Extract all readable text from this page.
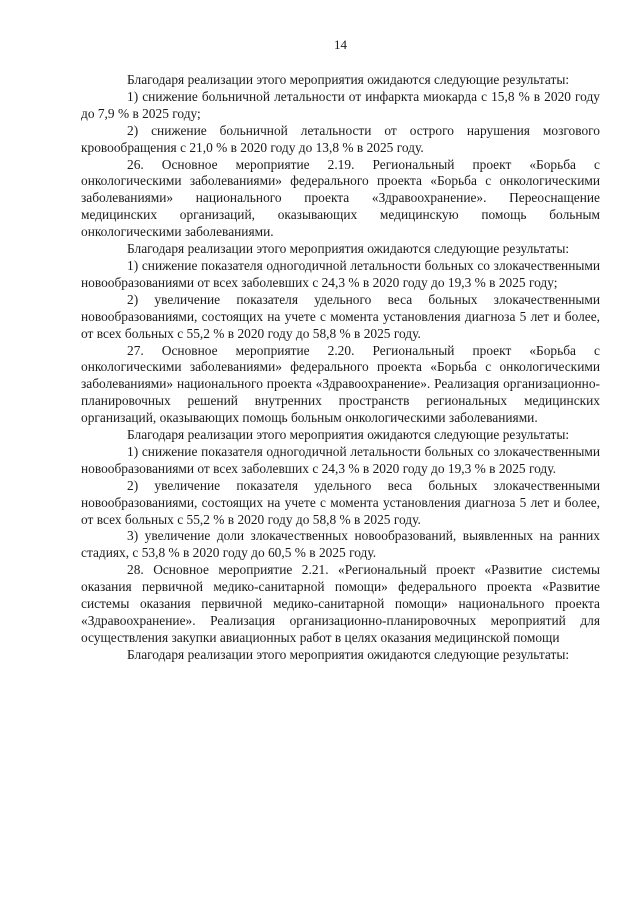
14

Благодаря реализации этого мероприятия ожидаются следующие результаты:

1) снижение больничной летальности от инфаркта миокарда с 15,8 % в 2020 году до 7,9 % в 2025 году;

2) снижение больничной летальности от острого нарушения мозгового кровообращения с 21,0 % в 2020 году до 13,8 % в 2025 году.

26. Основное мероприятие 2.19. Региональный проект «Борьба с онкологическими заболеваниями» федерального проекта «Борьба с онкологическими заболеваниями» национального проекта «Здравоохранение». Переоснащение медицинских организаций, оказывающих медицинскую помощь больным онкологическими заболеваниями.

Благодаря реализации этого мероприятия ожидаются следующие результаты:

1) снижение показателя одногодичной летальности больных со злокачественными новообразованиями от всех заболевших с 24,3 % в 2020 году до 19,3 % в 2025 году;

2) увеличение показателя удельного веса больных злокачественными новообразованиями, состоящих на учете с момента установления диагноза 5 лет и более, от всех больных с 55,2 % в 2020 году до 58,8 % в 2025 году.

27. Основное мероприятие 2.20. Региональный проект «Борьба с онкологическими заболеваниями» федерального проекта «Борьба с онкологическими заболеваниями» национального проекта «Здравоохранение». Реализация организационно-планировочных решений внутренних пространств региональных медицинских организаций, оказывающих помощь больным онкологическими заболеваниями.

Благодаря реализации этого мероприятия ожидаются следующие результаты:

1) снижение показателя одногодичной летальности больных со злокачественными новообразованиями от всех заболевших с 24,3 % в 2020 году до 19,3 % в 2025 году.

2) увеличение показателя удельного веса больных злокачественными новообразованиями, состоящих на учете с момента установления диагноза 5 лет и более, от всех больных с 55,2 % в 2020 году до 58,8 % в 2025 году.

3) увеличение доли злокачественных новообразований, выявленных на ранних стадиях, с 53,8 % в 2020 году до 60,5 % в 2025 году.

28. Основное мероприятие 2.21. «Региональный проект «Развитие системы оказания первичной медико-санитарной помощи» федерального проекта «Развитие системы оказания первичной медико-санитарной помощи» национального проекта «Здравоохранение». Реализация организационно-планировочных мероприятий для осуществления закупки авиационных работ в целях оказания медицинской помощи

Благодаря реализации этого мероприятия ожидаются следующие результаты:
